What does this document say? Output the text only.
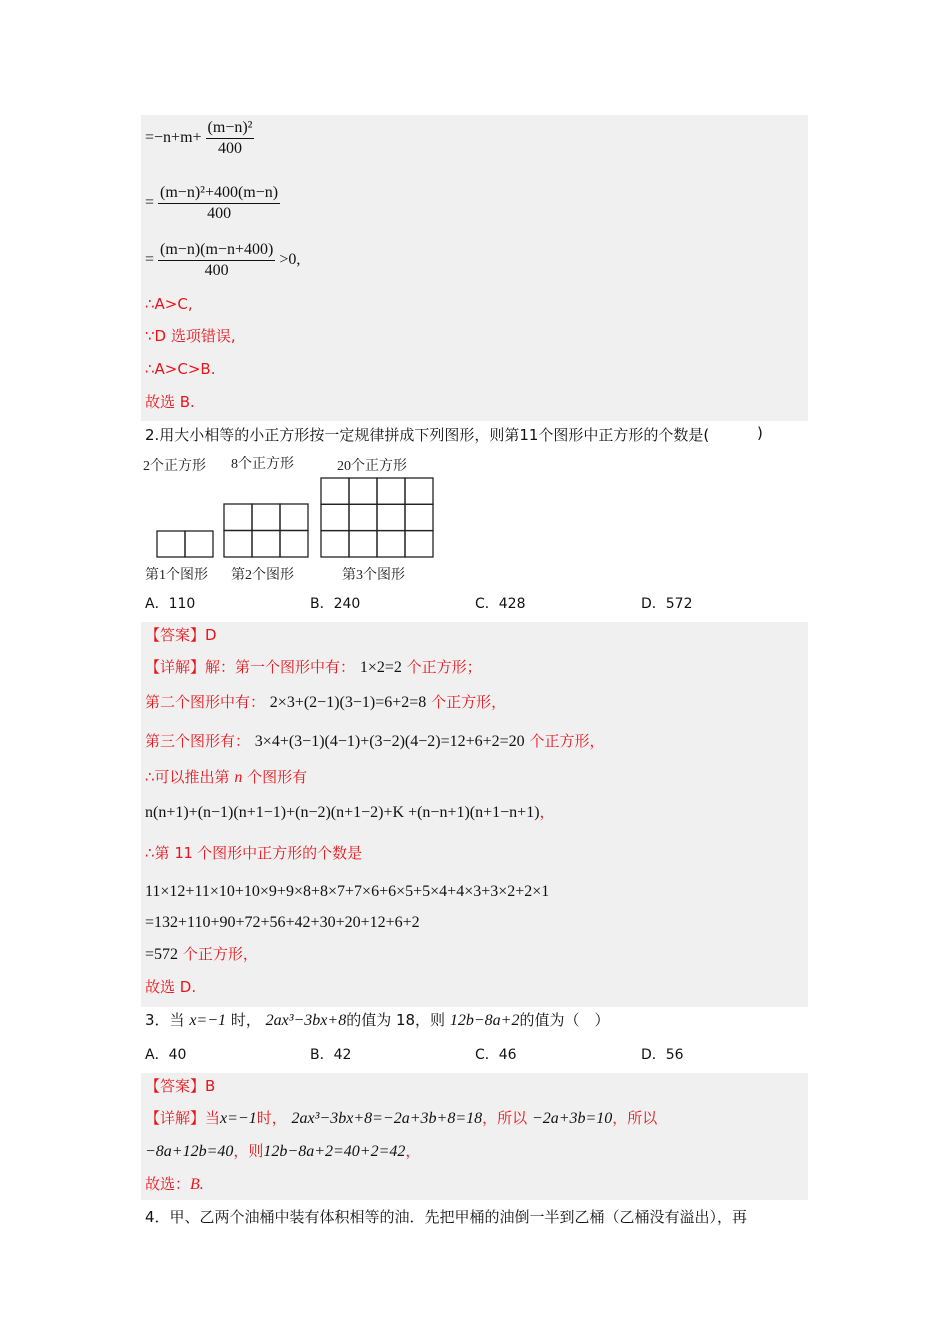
$=-n+m+ \frac{\text{(m−n)²}}{400}$
= $\frac{\text{(m−n)²+400(m−n)}}{400}$
= $\frac{(m-n)(m-n+400)}{400} >0$,
∴A>C,
∵D 选项错误,
∴A>C>B.
故选 B.
2.用大小相等的小正方形按一定规律拼成下列图形，则第11个图形中正方形的个数是(	)
2个正方形 8个正方形	20个正方形
第1个图形 第2个图形	第3个图形
A．110	B．240	C．428	D．572
【答案】D
【详解】解：第一个图形中有： 1×2=2 个正方形；
第二个图形中有： 2×3+(2−1)(3−1)=6+2=8 个正方形，
第三个图形有： 3×4+(3−1)(4−1)+(3−2)(4−2)=12+6+2=20 个正方形，
∴可以推出第 n 个图形有
n(n+1)+(n−1)(n+1−1)+(n−2)(n+1−2)+K +(n−n+1)(n+1−n+1)，
∴第 11 个图形中正方形的个数是
11×12+11×10+10×9+9×8+8×7+7×6+6×5+5×4+4×3+3×2+2×1
=132+110+90+72+56+42+30+20+12+6+2
=572 个正方形，
故选 D.
3．当 x=−1 时， 2ax³−3bx+8的值为 18，则 12b−8a+2的值为（　）
A．40	B．42	C．46	D．56
【答案】B
【详解】当x=−1时， 2ax³−3bx+8=−2a+3b+8=18，所以 −2a+3b=10，所以
−8a+12b=40，则12b−8a+2=40+2=42，
故选：B.
4．甲、乙两个油桶中装有体积相等的油．先把甲桶的油倒一半到乙桶（乙桶没有溢出），再
